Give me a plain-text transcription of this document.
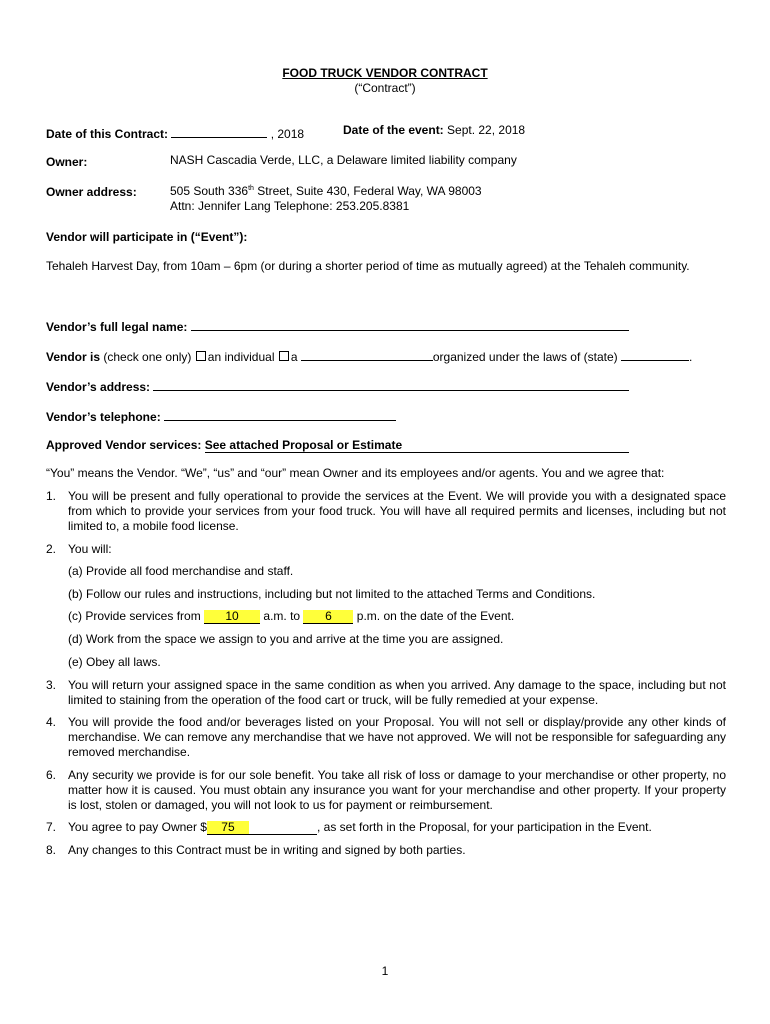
FOOD TRUCK VENDOR CONTRACT
(“Contract”)
Date of this Contract:	, 2018	Date of the event: Sept. 22, 2018
Owner:	NASH Cascadia Verde, LLC, a Delaware limited liability company
Owner address:	505 South 336th Street, Suite 430, Federal Way, WA 98003
Attn: Jennifer Lang Telephone: 253.205.8381
Vendor will participate in (“Event”):
Tehaleh Harvest Day, from 10am – 6pm (or during a shorter period of time as mutually agreed) at the Tehaleh community.
Vendor’s full legal name:
Vendor is (check one only) an individual a	organized under the laws of (state)	.
Vendor’s address:
Vendor’s telephone:
Approved Vendor services: See attached Proposal or Estimate
“You” means the Vendor. “We”, “us” and “our” mean Owner and its employees and/or agents. You and we agree that:
1. You will be present and fully operational to provide the services at the Event. We will provide you with a designated space from which to provide your services from your food truck. You will have all required permits and licenses, including but not limited to, a mobile food license.
2. You will:
(a) Provide all food merchandise and staff.
(b) Follow our rules and instructions, including but not limited to the attached Terms and Conditions.
(c) Provide services from 10 a.m. to 6 p.m. on the date of the Event.
(d) Work from the space we assign to you and arrive at the time you are assigned.
(e) Obey all laws.
3. You will return your assigned space in the same condition as when you arrived. Any damage to the space, including but not limited to staining from the operation of the food cart or truck, will be fully remedied at your expense.
4. You will provide the food and/or beverages listed on your Proposal. You will not sell or display/provide any other kinds of merchandise. We can remove any merchandise that we have not approved. We will not be responsible for safeguarding any removed merchandise.
6. Any security we provide is for our sole benefit. You take all risk of loss or damage to your merchandise or other property, no matter how it is caused. You must obtain any insurance you want for your merchandise and other property. If your property is lost, stolen or damaged, you will not look to us for payment or reimbursement.
7. You agree to pay Owner $ 75	, as set forth in the Proposal, for your participation in the Event.
8. Any changes to this Contract must be in writing and signed by both parties.
1
